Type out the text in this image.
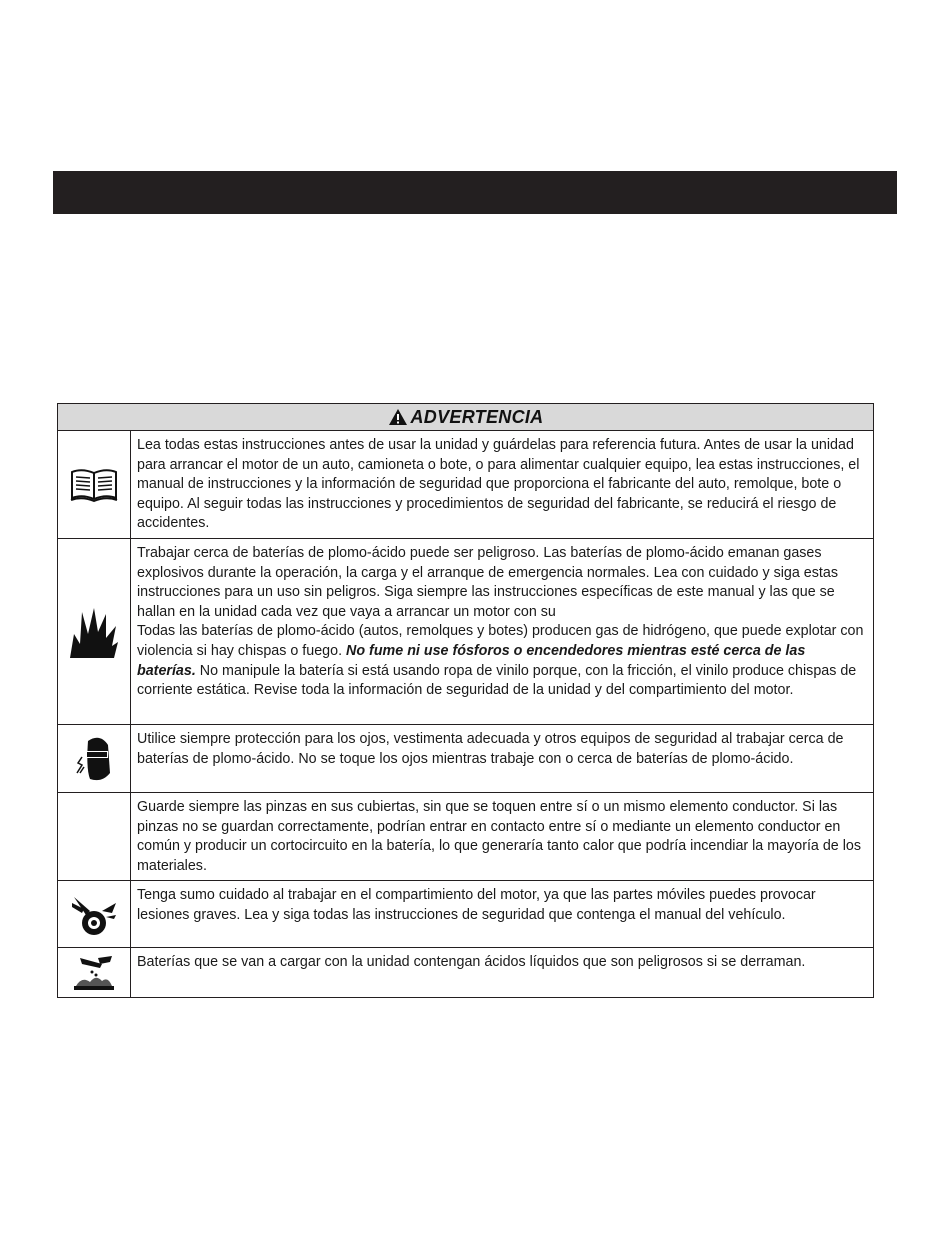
ADVERTENCIA

Lea todas estas instrucciones antes de usar la unidad y guárdelas para referencia futura. Antes de usar la unidad para arrancar el motor de un auto, camioneta o bote, o para alimentar cualquier equipo, lea estas instrucciones, el manual de instrucciones y la información de seguridad que proporciona el fabricante del auto, remolque, bote o equipo. Al seguir todas las instrucciones y procedimientos de seguridad del fabricante, se reducirá el riesgo de accidentes.

Trabajar cerca de baterías de plomo-ácido puede ser peligroso. Las baterías de plomo-ácido emanan gases explosivos durante la operación, la carga y el arranque de emergencia normales. Lea con cuidado y siga estas instrucciones para un uso sin peligros. Siga siempre las instrucciones específicas de este manual y las que se hallan en la unidad cada vez que vaya a arrancar un motor con su

Todas las baterías de plomo-ácido (autos, remolques y botes) producen gas de hidrógeno, que puede explotar con violencia si hay chispas o fuego. No fume ni use fósforos o encendedores mientras esté cerca de las baterías. No manipule la batería si está usando ropa de vinilo porque, con la fricción, el vinilo produce chispas de corriente estática. Revise toda la información de seguridad de la unidad y del compartimiento del motor.

Utilice siempre protección para los ojos, vestimenta adecuada y otros equipos de seguridad al trabajar cerca de baterías de plomo-ácido. No se toque los ojos mientras trabaje con o cerca de baterías de plomo-ácido.

Guarde siempre las pinzas en sus cubiertas, sin que se toquen entre sí o un mismo elemento conductor. Si las pinzas no se guardan correctamente, podrían entrar en contacto entre sí o mediante un elemento conductor en común y producir un cortocircuito en la batería, lo que generaría tanto calor que podría incendiar la mayoría de los materiales.

Tenga sumo cuidado al trabajar en el compartimiento del motor, ya que las partes móviles puedes provocar lesiones graves. Lea y siga todas las instrucciones de seguridad que contenga el manual del vehículo.

Baterías que se van a cargar con la unidad contengan ácidos líquidos que son peligrosos si se derraman.
